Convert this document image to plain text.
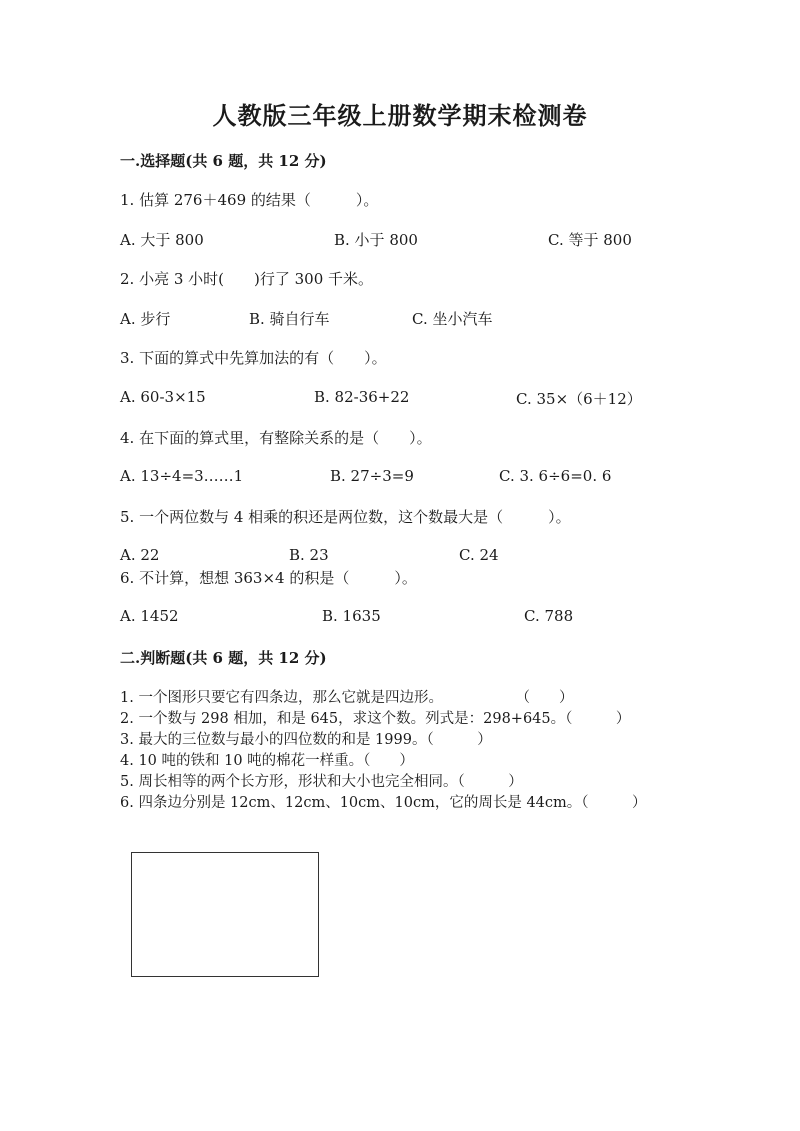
人教版三年级上册数学期末检测卷
一.选择题(共 6 题，共 12 分)
1. 估算 276＋469 的结果（　　　）。
A. 大于 800	B. 小于 800	C. 等于 800
2. 小亮 3 小时(　　)行了 300 千米。
A. 步行	B. 骑自行车	C. 坐小汽车
3. 下面的算式中先算加法的有（　　）。
A. 60-3×15	B. 82-36+22	C. 35×（6＋12）
4. 在下面的算式里，有整除关系的是（　　）。
A. 13÷4=3……1	B. 27÷3=9	C. 3. 6÷6=0. 6
5. 一个两位数与 4 相乘的积还是两位数，这个数最大是（　　　）。
A. 22	B. 23	C. 24
6. 不计算，想想 363×4 的积是（　　　）。
A. 1452	B. 1635	C. 788
二.判断题(共 6 题，共 12 分)
1. 一个图形只要它有四条边，那么它就是四边形。　　　　　　（　　）
2. 一个数与 298 相加，和是 645，求这个数。列式是：298+645。（　　　）
3. 最大的三位数与最小的四位数的和是 1999。（　　　）
4. 10 吨的铁和 10 吨的棉花一样重。（　　）
5. 周长相等的两个长方形，形状和大小也完全相同。（　　　）
6. 四条边分别是 12cm、12cm、10cm、10cm，它的周长是 44cm。（　　　）
